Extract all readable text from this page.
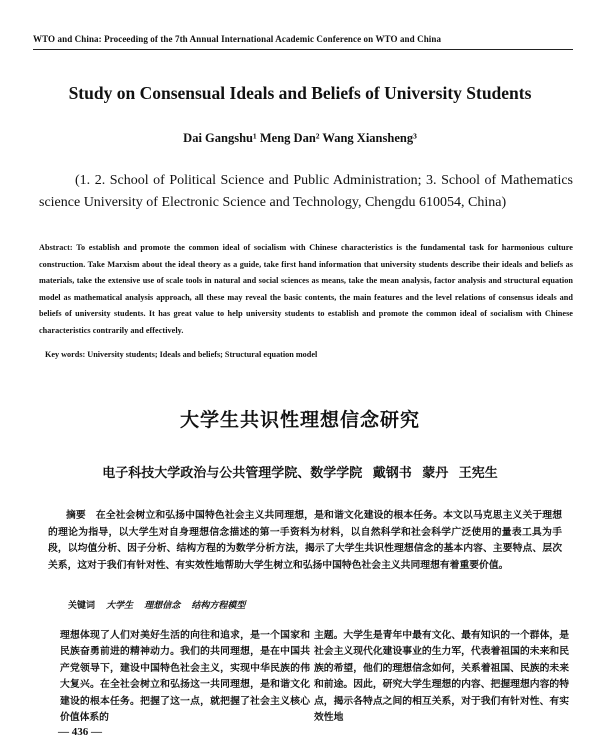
WTO and China: Proceeding of the 7th Annual International Academic Conference on WTO and China
Study on Consensual Ideals and Beliefs of University Students
Dai Gangshu¹ Meng Dan² Wang Xiansheng³
(1. 2. School of Political Science and Public Administration; 3. School of Mathematics science University of Electronic Science and Technology, Chengdu 610054, China)
Abstract: To establish and promote the common ideal of socialism with Chinese characteristics is the fundamental task for harmonious culture construction. Take Marxism about the ideal theory as a guide, take first hand information that university students describe their ideals and beliefs as materials, take the extensive use of scale tools in natural and social sciences as means, take the mean analysis, factor analysis and structural equation model as mathematical analysis approach, all these may reveal the basic contents, the main features and the level relations of consensus ideals and beliefs of university students. It has great value to help university students to establish and promote the common ideal of socialism with Chinese characteristics contrarily and effectively.
Key words: University students; Ideals and beliefs; Structural equation model
大学生共识性理想信念研究
电子科技大学政治与公共管理学院、数学学院 戴钢书 蒙丹 王宪生
摘要 在全社会树立和弘扬中国特色社会主义共同理想，是和谐文化建设的根本任务。本文以马克思主义关于理想的理论为指导，以大学生对自身理想信念描述的第一手资料为材料，以自然科学和社会科学广泛使用的量表工具为手段，以均值分析、因子分析、结构方程的为数学分析方法，揭示了大学生共识性理想信念的基本内容、主要特点、层次关系，这对于我们有针对性、有实效性地帮助大学生树立和弘扬中国特色社会主义共同理想有着重要价值。
关键词 大学生 理想信念 结构方程模型
理想体现了人们对美好生活的向往和追求，是一个国家和民族奋勇前进的精神动力。我们的共同理想，是在中国共产党领导下，建设中国特色社会主义，实现中华民族的伟大复兴。在全社会树立和弘扬这一共同理想，是和谐文化建设的根本任务。把握了这一点，就把握了社会主义核心价值体系的
主题。大学生是青年中最有文化、最有知识的一个群体，是社会主义现代化建设事业的生力军，代表着祖国的未来和民族的希望，他们的理想信念如何，关系着祖国、民族的未来和前途。因此，研究大学生理想的内容、把握理想内容的特点，揭示各特点之间的相互关系，对于我们有针对性、有实效性地
— 436 —
